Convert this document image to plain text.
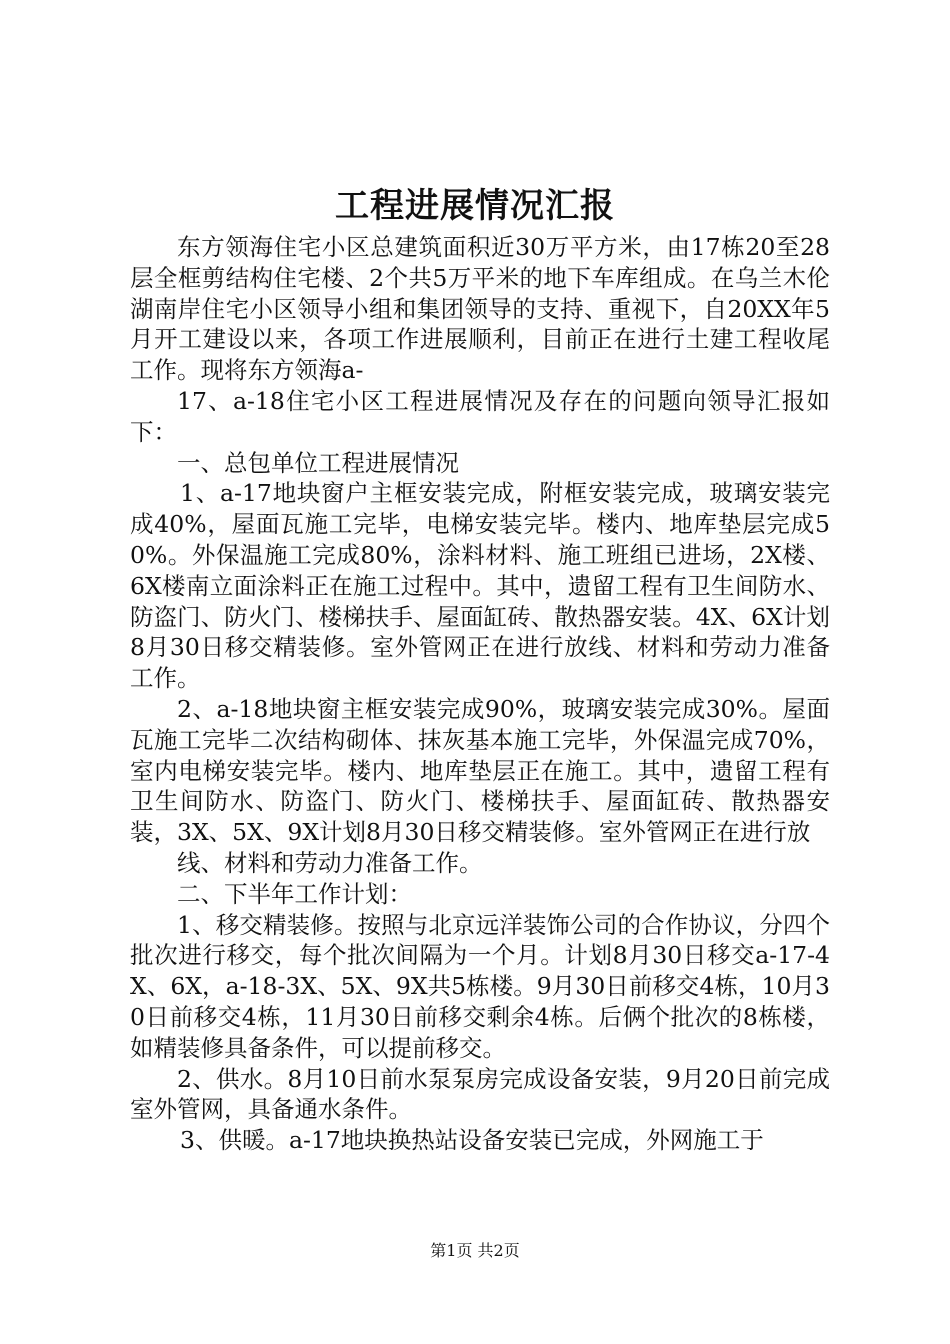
工程进展情况汇报

东方领海住宅小区总建筑面积近30万平方米，由17栋20至28层全框剪结构住宅楼、2个共5万平米的地下车库组成。在乌兰木伦湖南岸住宅小区领导小组和集团领导的支持、重视下，自20XX年5月开工建设以来，各项工作进展顺利，目前正在进行土建工程收尾工作。现将东方领海a-

17、a-18住宅小区工程进展情况及存在的问题向领导汇报如下：

一、总包单位工程进展情况

1、a-17地块窗户主框安装完成，附框安装完成，玻璃安装完成40%，屋面瓦施工完毕，电梯安装完毕。楼内、地库垫层完成50%。外保温施工完成80%，涂料材料、施工班组已进场，2X楼、6X楼南立面涂料正在施工过程中。其中，遗留工程有卫生间防水、防盗门、防火门、楼梯扶手、屋面缸砖、散热器安装。4X、6X计划8月30日移交精装修。室外管网正在进行放线、材料和劳动力准备工作。

2、a-18地块窗主框安装完成90%，玻璃安装完成30%。屋面瓦施工完毕二次结构砌体、抹灰基本施工完毕，外保温完成70%，室内电梯安装完毕。楼内、地库垫层正在施工。其中，遗留工程有卫生间防水、防盗门、防火门、楼梯扶手、屋面缸砖、散热器安装，3X、5X、9X计划8月30日移交精装修。室外管网正在进行放

线、材料和劳动力准备工作。

二、下半年工作计划：

1、移交精装修。按照与北京远洋装饰公司的合作协议，分四个批次进行移交，每个批次间隔为一个月。计划8月30日移交a-17-4X、6X，a-18-3X、5X、9X共5栋楼。9月30日前移交4栋，10月30日前移交4栋，11月30日前移交剩余4栋。后俩个批次的8栋楼，如精装修具备条件，可以提前移交。

2、供水。8月10日前水泵泵房完成设备安装，9月20日前完成室外管网，具备通水条件。

3、供暖。a-17地块换热站设备安装已完成，外网施工于

第1页 共2页
